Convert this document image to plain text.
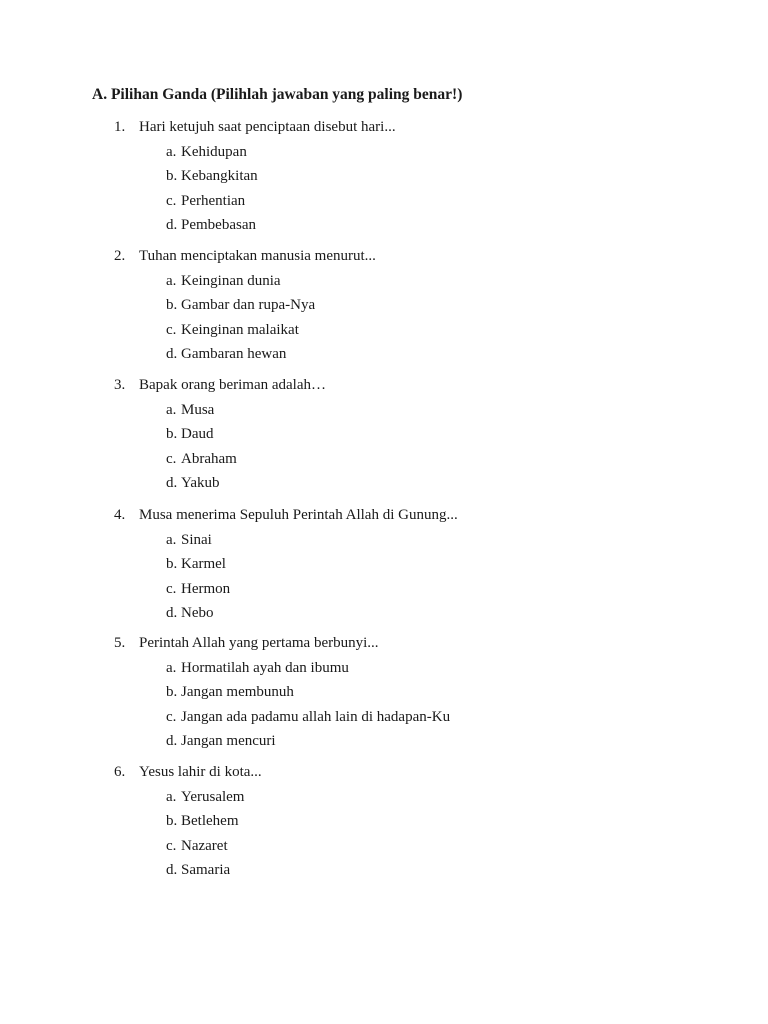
A. Pilihan Ganda (Pilihlah jawaban yang paling benar!)
1. Hari ketujuh saat penciptaan disebut hari...
a. Kehidupan
b. Kebangkitan
c. Perhentian
d. Pembebasan
2. Tuhan menciptakan manusia menurut...
a. Keinginan dunia
b. Gambar dan rupa-Nya
c. Keinginan malaikat
d. Gambaran hewan
3. Bapak orang beriman adalah…
a. Musa
b. Daud
c. Abraham
d. Yakub
4. Musa menerima Sepuluh Perintah Allah di Gunung...
a. Sinai
b. Karmel
c. Hermon
d. Nebo
5. Perintah Allah yang pertama berbunyi...
a. Hormatilah ayah dan ibumu
b. Jangan membunuh
c. Jangan ada padamu allah lain di hadapan-Ku
d. Jangan mencuri
6. Yesus lahir di kota...
a. Yerusalem
b. Betlehem
c. Nazaret
d. Samaria
